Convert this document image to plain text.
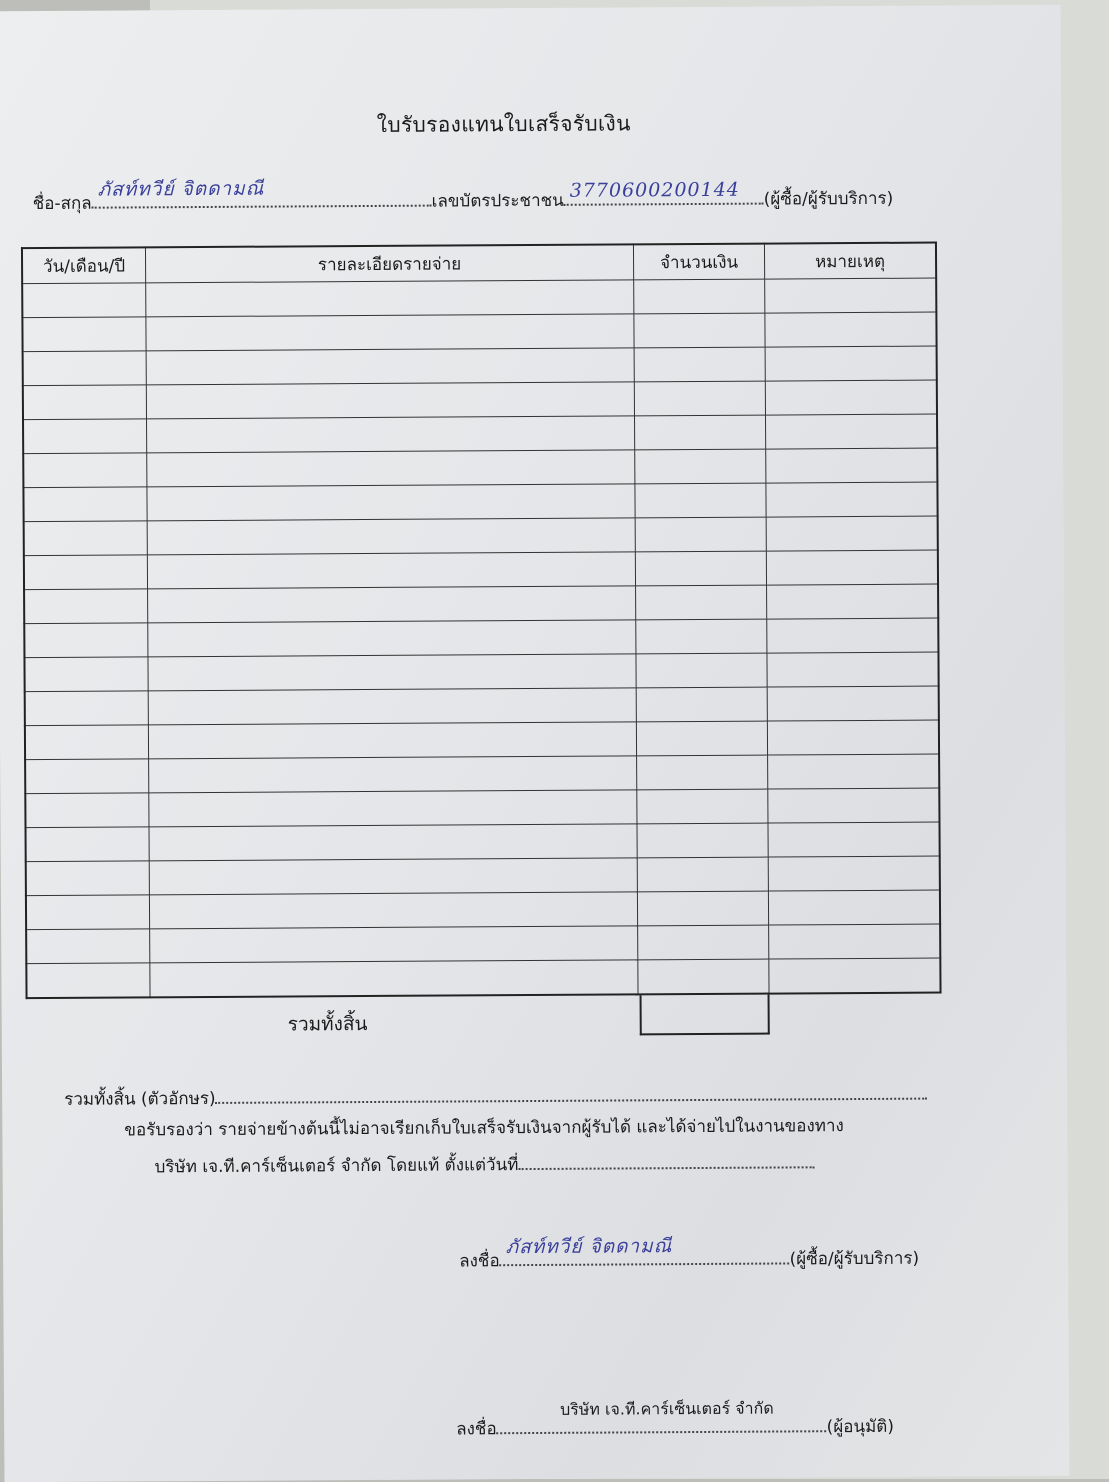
ใบรับรองแทนใบเสร็จรับเงิน
ชื่อ-สกุล
ภัสท์ทวีย์ จิตดามณี
เลขบัตรประชาชน 3770600200144 (ผู้ซื้อ/ผู้รับบริการ)
วัน/เดือน/ปี	รายละเอียดรายจ่าย	จำนวนเงิน	หมายเหตุ

รวมทั้งสิ้น
รวมทั้งสิ้น (ตัวอักษร)
ขอรับรองว่า รายจ่ายข้างต้นนี้ไม่อาจเรียกเก็บใบเสร็จรับเงินจากผู้รับได้ และได้จ่ายไปในงานของทาง
บริษัท เจ.ที.คาร์เซ็นเตอร์ จำกัด โดยแท้ ตั้งแต่วันที่
ลงชื่อ
ภัสท์ทวีย์ จิตดามณี
(ผู้ซื้อ/ผู้รับบริการ)
บริษัท เจ.ที.คาร์เซ็นเตอร์ จำกัด
ลงชื่อ	(ผู้อนุมัติ)
